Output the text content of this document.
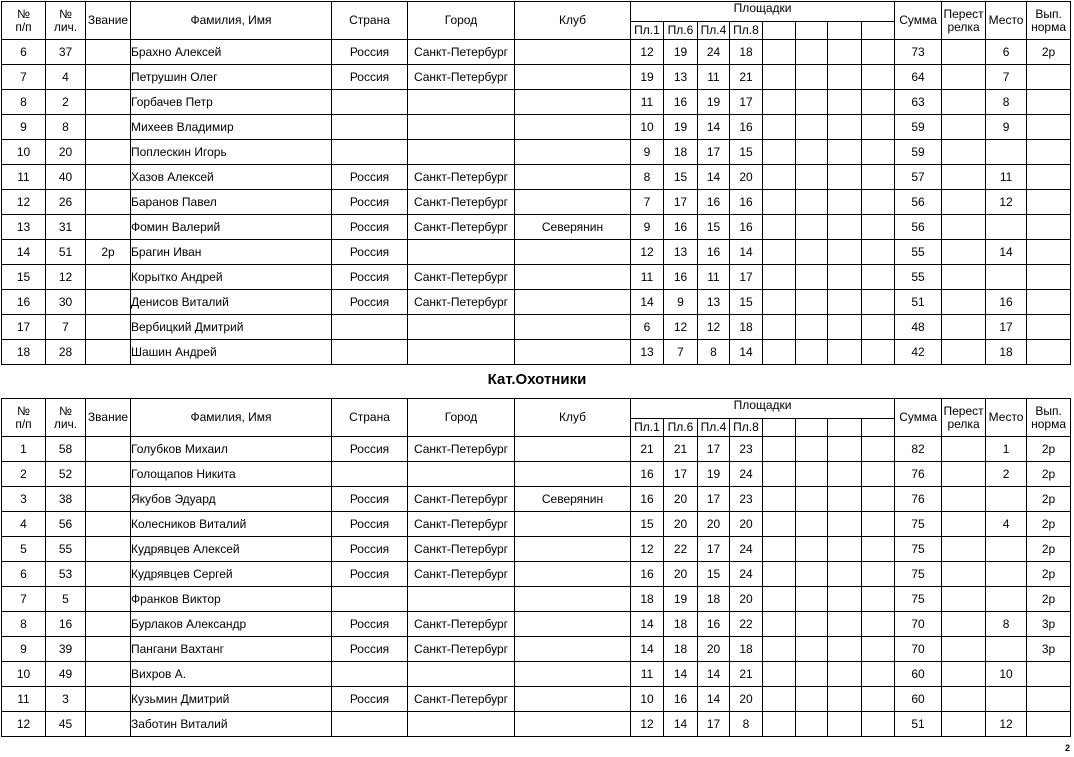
№
п/п	№
лич.	Звание	Фамилия, Имя	Страна	Город	Клуб	Площадки								Сумма	Перест
релка	Место	Вып.
норма
							Пл.1	Пл.6	Пл.4	Пл.8								
6	37		Брахно Алексей	Россия	Санкт-Петербург		12	19	24	18					73		6	2р
7	4		Петрушин Олег	Россия	Санкт-Петербург		19	13	11	21					64		7	
8	2		Горбачев Петр				11	16	19	17					63		8	
9	8		Михеев Владимир				10	19	14	16					59		9	
10	20		Поплескин Игорь				9	18	17	15					59			
11	40		Хазов Алексей	Россия	Санкт-Петербург		8	15	14	20					57		11	
12	26		Баранов Павел	Россия	Санкт-Петербург		7	17	16	16					56		12	
13	31		Фомин Валерий	Россия	Санкт-Петербург	Северянин	9	16	15	16					56			
14	51	2р	Брагин Иван	Россия			12	13	16	14					55		14	
15	12		Корытко Андрей	Россия	Санкт-Петербург		11	16	11	17					55			
16	30		Денисов Виталий	Россия	Санкт-Петербург		14	9	13	15					51		16	
17	7		Вербицкий Дмитрий				6	12	12	18					48		17	
18	28		Шашин Андрей				13	7	8	14					42		18	
Кат.Охотники
№
п/п	№
лич.	Звание	Фамилия, Имя	Страна	Город	Клуб	Площадки								Сумма	Перест
релка	Место	Вып.
норма
							Пл.1	Пл.6	Пл.4	Пл.8								
1	58		Голубков Михаил	Россия	Санкт-Петербург		21	21	17	23					82		1	2р
2	52		Голощапов Никита				16	17	19	24					76		2	2р
3	38		Якубов Эдуард	Россия	Санкт-Петербург	Северянин	16	20	17	23					76			2р
4	56		Колесников Виталий	Россия	Санкт-Петербург		15	20	20	20					75		4	2р
5	55		Кудрявцев Алексей	Россия	Санкт-Петербург		12	22	17	24					75			2р
6	53		Кудрявцев Сергей	Россия	Санкт-Петербург		16	20	15	24					75			2р
7	5		Франков Виктор				18	19	18	20					75			2р
8	16		Бурлаков Александр	Россия	Санкт-Петербург		14	18	16	22					70		8	3р
9	39		Пангани Вахтанг	Россия	Санкт-Петербург		14	18	20	18					70			3р
10	49		Вихров А.				11	14	14	21					60		10	
11	3		Кузьмин Дмитрий	Россия	Санкт-Петербург		10	16	14	20					60			
12	45		Заботин Виталий				12	14	17	8					51		12	
2
